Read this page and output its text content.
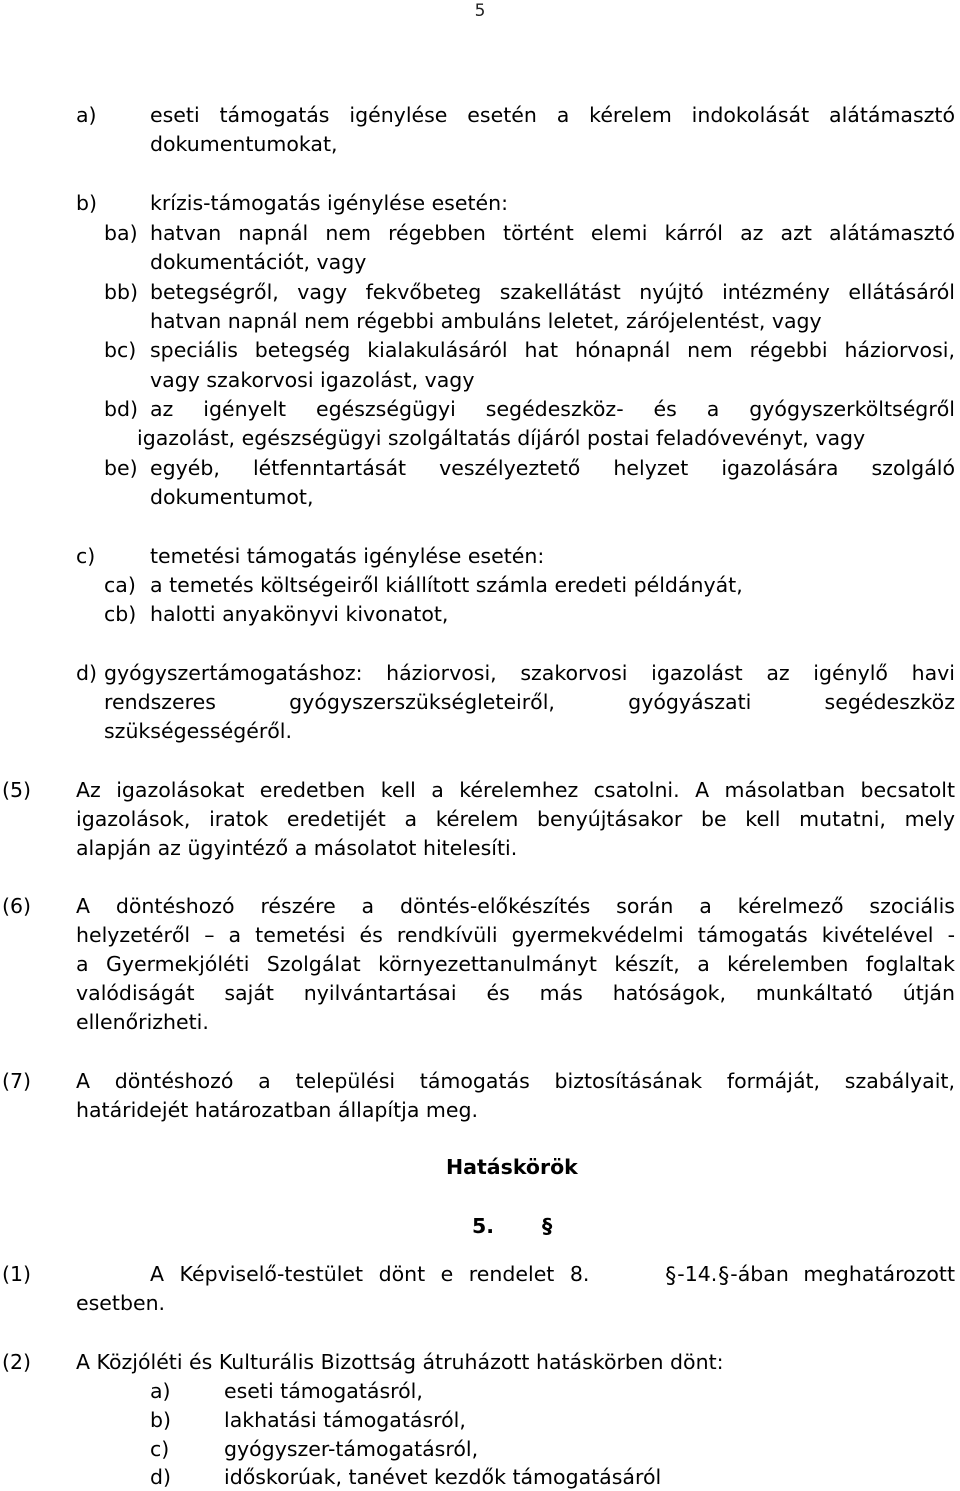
5
a)	eseti támogatás igénylése esetén a kérelem indokolását alátámasztó
dokumentumokat,
b)	krízis-támogatás igénylése esetén:
ba) hatvan napnál nem régebben történt elemi kárról az azt alátámasztó
dokumentációt, vagy
bb) betegségről, vagy fekvőbeteg szakellátást nyújtó intézmény ellátásáról
hatvan napnál nem régebbi ambuláns leletet, zárójelentést, vagy
bc) speciális betegség kialakulásáról hat hónapnál nem régebbi háziorvosi,
vagy szakorvosi igazolást, vagy
bd) az igényelt egészségügyi segédeszköz- és a gyógyszerköltségről
igazolást, egészségügyi szolgáltatás díjáról postai feladóvevényt, vagy
be) egyéb, létfenntartását veszélyeztető helyzet igazolására szolgáló
dokumentumot,
c)	temetési támogatás igénylése esetén:
ca) a temetés költségeiről kiállított számla eredeti példányát,
cb) halotti anyakönyvi kivonatot,
d) gyógyszertámogatáshoz: háziorvosi, szakorvosi igazolást az igénylő havi
rendszeres gyógyszerszükségleteiről, gyógyászati segédeszköz
szükségességéről.
(5) Az igazolásokat eredetben kell a kérelemhez csatolni. A másolatban becsatolt
igazolások, iratok eredetijét a kérelem benyújtásakor be kell mutatni, mely
alapján az ügyintéző a másolatot hitelesíti.
(6) A döntéshozó részére a döntés-előkészítés során a kérelmező szociális
helyzetéről – a temetési és rendkívüli gyermekvédelmi támogatás kivételével -
a Gyermekjóléti Szolgálat környezettanulmányt készít, a kérelemben foglaltak
valódiságát saját nyilvántartásai és más hatóságok, munkáltató útján
ellenőrizheti.
(7) A döntéshozó a települési támogatás biztosításának formáját, szabályait,
határidejét határozatban állapítja meg.
Hatáskörök
5. §
(1)	A Képviselő-testület dönt e rendelet 8.	§-14.§-ában meghatározott
esetben.
(2) A Közjóléti és Kulturális Bizottság átruházott hatáskörben dönt:
a)	eseti támogatásról,
b)	lakhatási támogatásról,
c)	gyógyszer-támogatásról,
d)	időskorúak, tanévet kezdők támogatásáról
